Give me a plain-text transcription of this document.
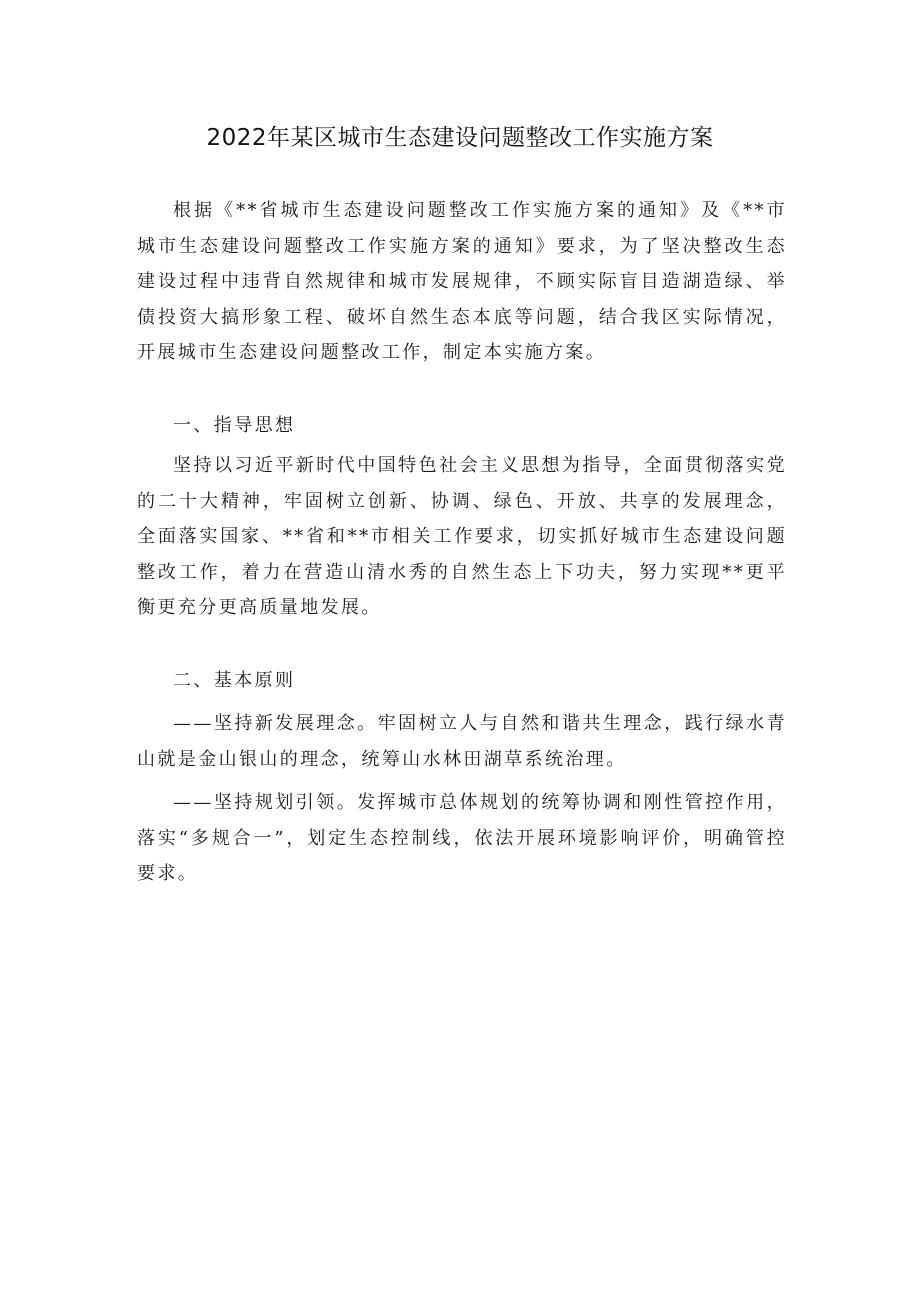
2022年某区城市生态建设问题整改工作实施方案

根据《**省城市生态建设问题整改工作实施方案的通知》及《**市城市生态建设问题整改工作实施方案的通知》要求，为了坚决整改生态建设过程中违背自然规律和城市发展规律，不顾实际盲目造湖造绿、举债投资大搞形象工程、破坏自然生态本底等问题，结合我区实际情况，开展城市生态建设问题整改工作，制定本实施方案。

一、指导思想

坚持以习近平新时代中国特色社会主义思想为指导，全面贯彻落实党的二十大精神，牢固树立创新、协调、绿色、开放、共享的发展理念，全面落实国家、**省和**市相关工作要求，切实抓好城市生态建设问题整改工作，着力在营造山清水秀的自然生态上下功夫，努力实现**更平衡更充分更高质量地发展。

二、基本原则

——坚持新发展理念。牢固树立人与自然和谐共生理念，践行绿水青山就是金山银山的理念，统筹山水林田湖草系统治理。

——坚持规划引领。发挥城市总体规划的统筹协调和刚性管控作用，落实“多规合一”，划定生态控制线，依法开展环境影响评价，明确管控要求。
